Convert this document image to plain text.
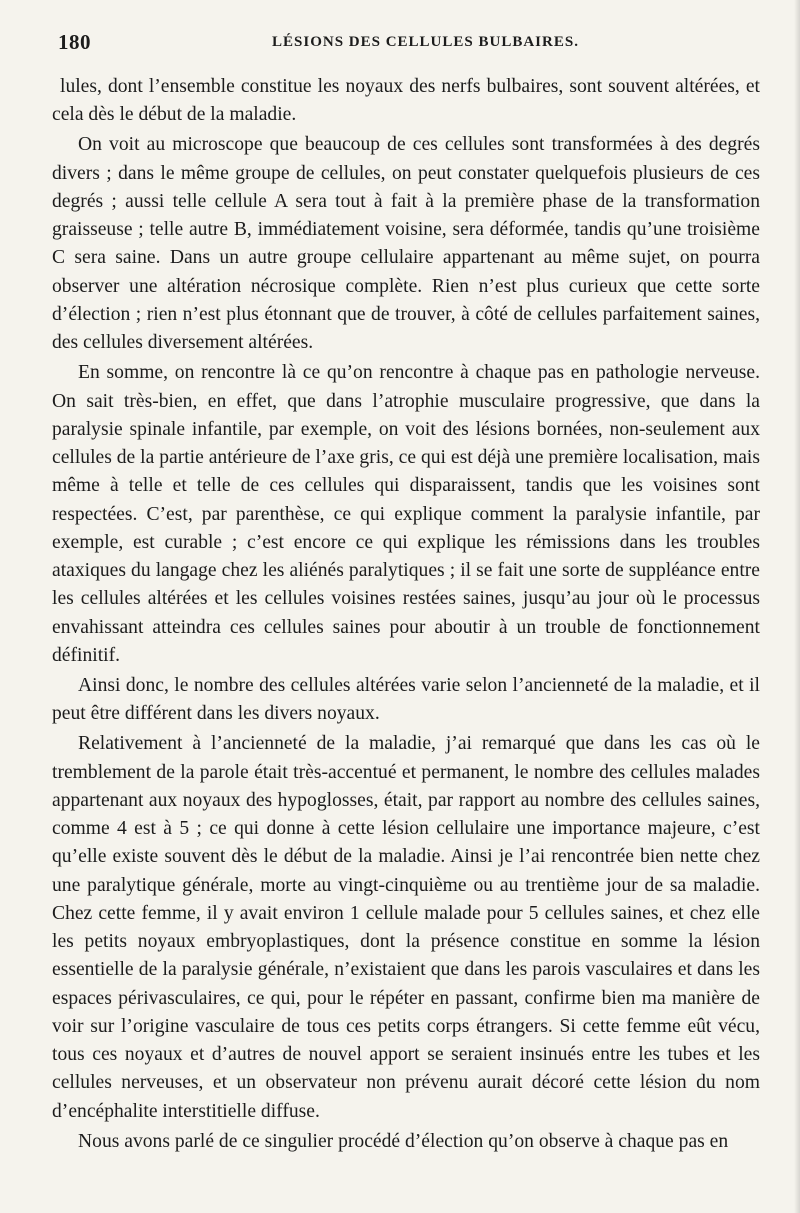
180	LÉSIONS DES CELLULES BULBAIRES.

lules, dont l’ensemble constitue les noyaux des nerfs bulbaires, sont souvent altérées, et cela dès le début de la maladie.

On voit au microscope que beaucoup de ces cellules sont transformées à des degrés divers ; dans le même groupe de cellules, on peut constater quelquefois plusieurs de ces degrés ; aussi telle cellule A sera tout à fait à la première phase de la transformation graisseuse ; telle autre B, immédiatement voisine, sera déformée, tandis qu’une troisième C sera saine. Dans un autre groupe cellulaire appartenant au même sujet, on pourra observer une altération nécrosique complète. Rien n’est plus curieux que cette sorte d’élection ; rien n’est plus étonnant que de trouver, à côté de cellules parfaitement saines, des cellules diversement altérées.

En somme, on rencontre là ce qu’on rencontre à chaque pas en pathologie nerveuse. On sait très-bien, en effet, que dans l’atrophie musculaire progressive, que dans la paralysie spinale infantile, par exemple, on voit des lésions bornées, non-seulement aux cellules de la partie antérieure de l’axe gris, ce qui est déjà une première localisation, mais même à telle et telle de ces cellules qui disparaissent, tandis que les voisines sont respectées. C’est, par parenthèse, ce qui explique comment la paralysie infantile, par exemple, est curable ; c’est encore ce qui explique les rémissions dans les troubles ataxiques du langage chez les aliénés paralytiques ; il se fait une sorte de suppléance entre les cellules altérées et les cellules voisines restées saines, jusqu’au jour où le processus envahissant atteindra ces cellules saines pour aboutir à un trouble de fonctionnement définitif.

Ainsi donc, le nombre des cellules altérées varie selon l’ancienneté de la maladie, et il peut être différent dans les divers noyaux.

Relativement à l’ancienneté de la maladie, j’ai remarqué que dans les cas où le tremblement de la parole était très-accentué et permanent, le nombre des cellules malades appartenant aux noyaux des hypoglosses, était, par rapport au nombre des cellules saines, comme 4 est à 5 ; ce qui donne à cette lésion cellulaire une importance majeure, c’est qu’elle existe souvent dès le début de la maladie. Ainsi je l’ai rencontrée bien nette chez une paralytique générale, morte au vingt-cinquième ou au trentième jour de sa maladie. Chez cette femme, il y avait environ 1 cellule malade pour 5 cellules saines, et chez elle les petits noyaux embryoplastiques, dont la présence constitue en somme la lésion essentielle de la paralysie générale, n’existaient que dans les parois vasculaires et dans les espaces périvasculaires, ce qui, pour le répéter en passant, confirme bien ma manière de voir sur l’origine vasculaire de tous ces petits corps étrangers. Si cette femme eût vécu, tous ces noyaux et d’autres de nouvel apport se seraient insinués entre les tubes et les cellules nerveuses, et un observateur non prévenu aurait décoré cette lésion du nom d’encéphalite interstitielle diffuse.

Nous avons parlé de ce singulier procédé d’élection qu’on observe à chaque pas en
